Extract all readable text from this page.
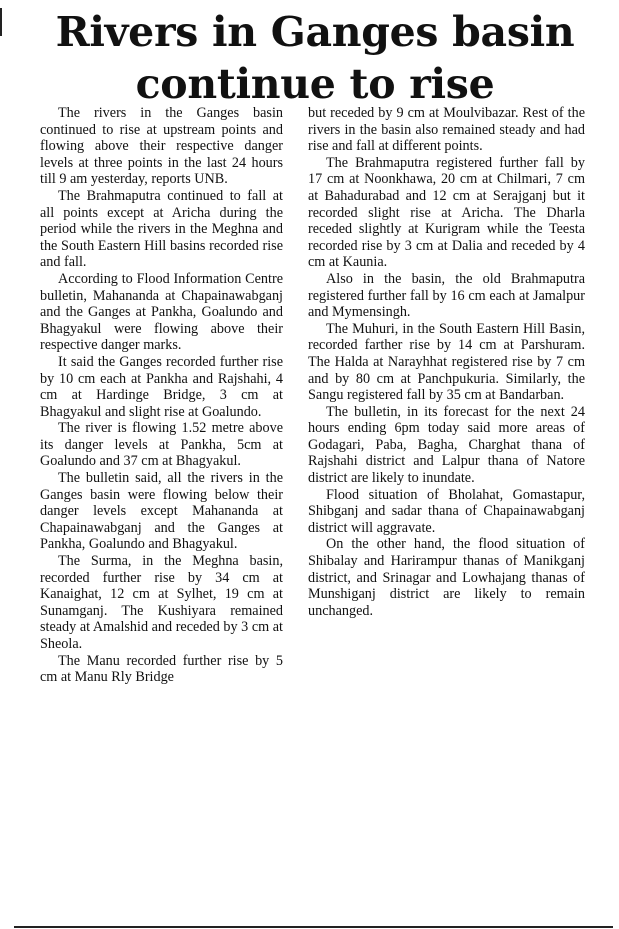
Rivers in Ganges basin
continue to rise

The rivers in the Ganges basin continued to rise at upstream points and flowing above their respective danger levels at three points in the last 24 hours till 9 am yesterday, reports UNB.

The Brahmaputra continued to fall at all points except at Aricha during the period while the rivers in the Meghna and the South Eastern Hill basins recorded rise and fall.

According to Flood Information Centre bulletin, Mahananda at Chapainawabganj and the Ganges at Pankha, Goalundo and Bhagyakul were flowing above their respective danger marks.

It said the Ganges recorded further rise by 10 cm each at Pankha and Rajshahi, 4 cm at Hardinge Bridge, 3 cm at Bhagyakul and slight rise at Goalundo.

The river is flowing 1.52 metre above its danger levels at Pankha, 5cm at Goalundo and 37 cm at Bhagyakul.

The bulletin said, all the rivers in the Ganges basin were flowing below their danger levels except Mahananda at Chapainawabganj and the Ganges at Pankha, Goalundo and Bhagyakul.

The Surma, in the Meghna basin, recorded further rise by 34 cm at Kanaighat, 12 cm at Sylhet, 19 cm at Sunamganj. The Kushiyara remained steady at Amalshid and receded by 3 cm at Sheola.

The Manu recorded further rise by 5 cm at Manu Rly Bridge

but receded by 9 cm at Moulvibazar. Rest of the rivers in the basin also remained steady and had rise and fall at different points.

The Brahmaputra registered further fall by 17 cm at Noonkhawa, 20 cm at Chilmari, 7 cm at Bahadurabad and 12 cm at Serajganj but it recorded slight rise at Aricha. The Dharla receded slightly at Kurigram while the Teesta recorded rise by 3 cm at Dalia and receded by 4 cm at Kaunia.

Also in the basin, the old Brahmaputra registered further fall by 16 cm each at Jamalpur and Mymensingh.

The Muhuri, in the South Eastern Hill Basin, recorded farther rise by 14 cm at Parshuram. The Halda at Narayhhat registered rise by 7 cm and by 80 cm at Panchpukuria. Similarly, the Sangu registered fall by 35 cm at Bandarban.

The bulletin, in its forecast for the next 24 hours ending 6pm today said more areas of Godagari, Paba, Bagha, Charghat thana of Rajshahi district and Lalpur thana of Natore district are likely to inundate.

Flood situation of Bholahat, Gomastapur, Shibganj and sadar thana of Chapainawabganj district will aggravate.

On the other hand, the flood situation of Shibalay and Harirampur thanas of Manikganj district, and Srinagar and Lowhajang thanas of Munshiganj district are likely to remain unchanged.
